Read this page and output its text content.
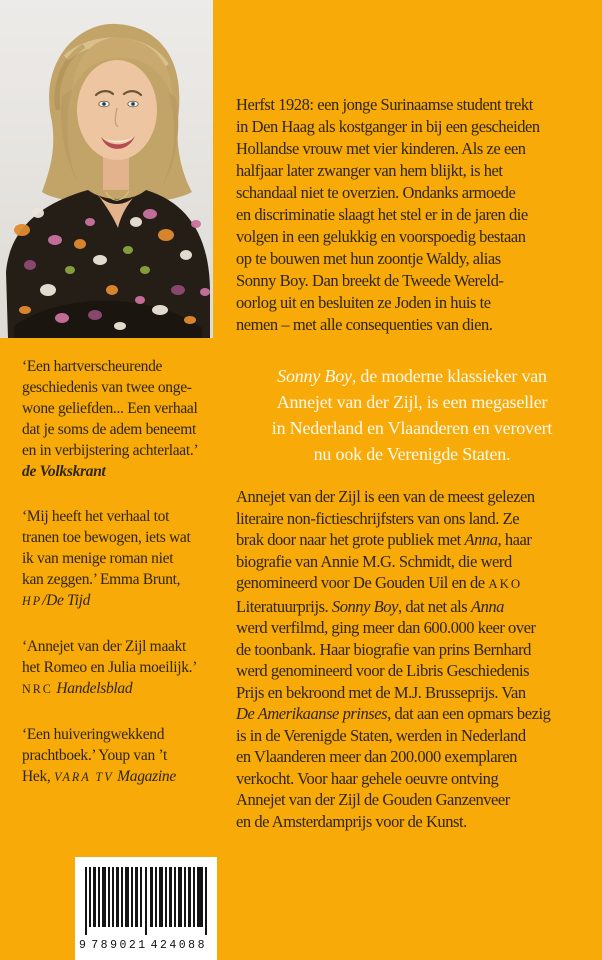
‘Een hartverscheurende
geschiedenis van twee onge-
wone geliefden... Een verhaal
dat je soms de adem beneemt
en in verbijstering achterlaat.’
de Volkskrant
‘Mij heeft het verhaal tot
tranen toe bewogen, iets wat
ik van menige roman niet
kan zeggen.’ Emma Brunt,
HP/De Tijd
‘Annejet van der Zijl maakt
het Romeo en Julia moeilijk.’
NRC Handelsblad
‘Een huiveringwekkend
prachtboek.’ Youp van ’t
Hek, VARA TV Magazine
Herfst 1928: een jonge Surinaamse student trekt
in Den Haag als kostganger in bij een gescheiden
Hollandse vrouw met vier kinderen. Als ze een
halfjaar later zwanger van hem blijkt, is het
schandaal niet te overzien. Ondanks armoede
en discriminatie slaagt het stel er in de jaren die
volgen in een gelukkig en voorspoedig bestaan
op te bouwen met hun zoontje Waldy, alias
Sonny Boy. Dan breekt de Tweede Wereld-
oorlog uit en besluiten ze Joden in huis te
nemen – met alle consequenties van dien.
Sonny Boy, de moderne klassieker van
Annejet van der Zijl, is een megaseller
in Nederland en Vlaanderen en verovert
nu ook de Verenigde Staten.
Annejet van der Zijl is een van de meest gelezen
literaire non-fictieschrijfsters van ons land. Ze
brak door naar het grote publiek met Anna, haar
biografie van Annie M.G. Schmidt, die werd
genomineerd voor De Gouden Uil en de AKO
Literatuurprijs. Sonny Boy, dat net als Anna
werd verfilmd, ging meer dan 600.000 keer over
de toonbank. Haar biografie van prins Bernhard
werd genomineerd voor de Libris Geschiedenis
Prijs en bekroond met de M.J. Brusseprijs. Van
De Amerikaanse prinses, dat aan een opmars bezig
is in de Verenigde Staten, werden in Nederland
en Vlaanderen meer dan 200.000 exemplaren
verkocht. Voor haar gehele oeuvre ontving
Annejet van der Zijl de Gouden Ganzenveer
en de Amsterdamprijs voor de Kunst.
9 789021 424088
